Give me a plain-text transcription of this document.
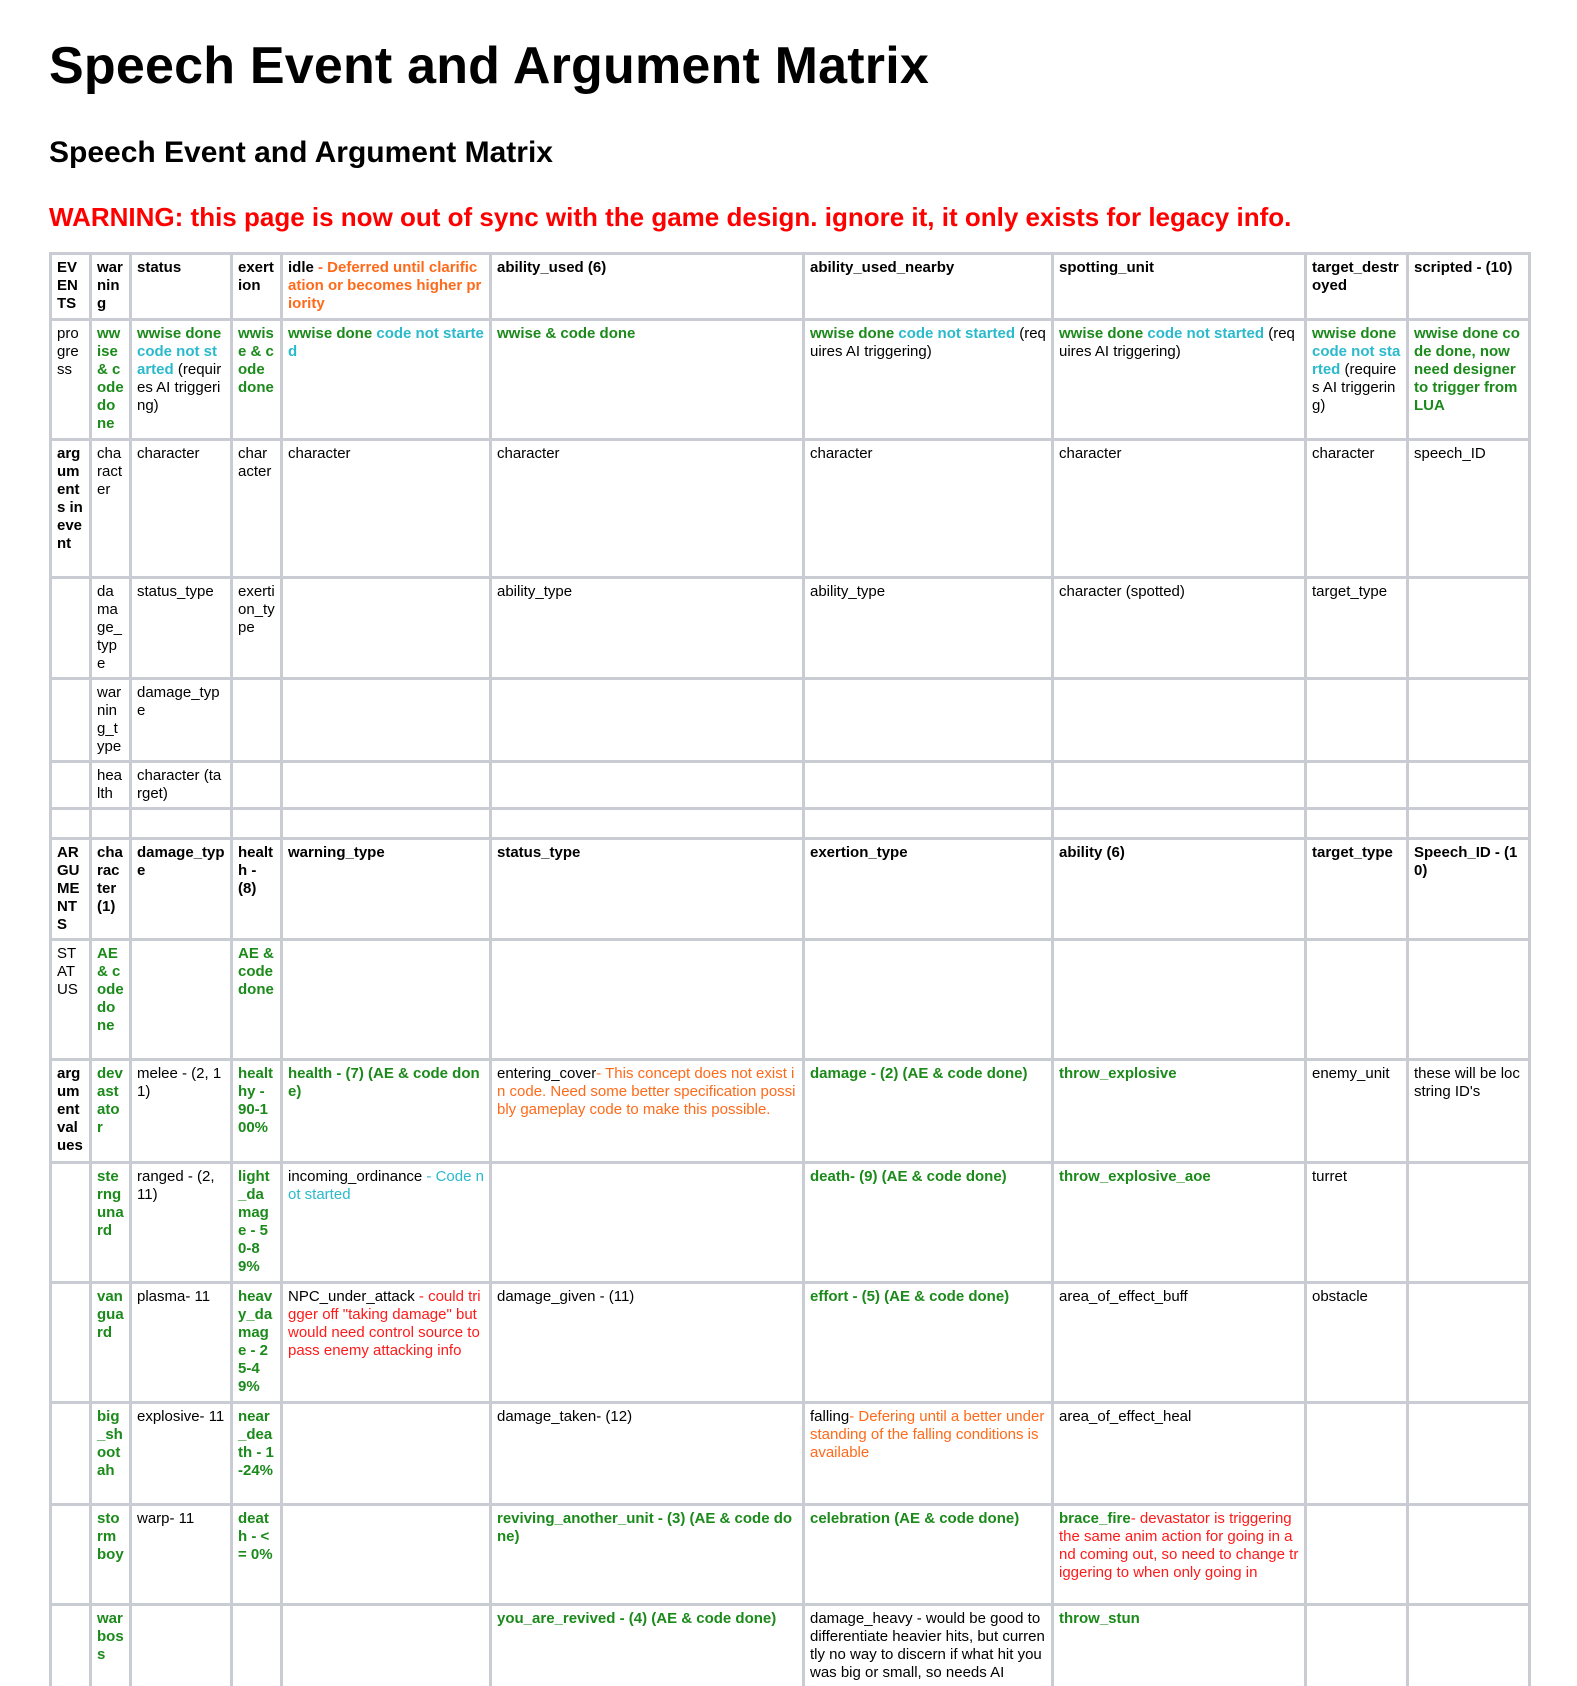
Speech Event and Argument Matrix
Speech Event and Argument Matrix

WARNING: this page is now out of sync with the game design. ignore it, it only exists for legacy info.

EVENTS	warning	status	exertion	idle - Deferred until clarification or becomes higher priority	ability_used (6)	ability_used_nearby	spotting_unit	target_destroyed	scripted - (10)
progress	wwise & code done	wwise done code not started (requires AI triggering)	wwise & code done	wwise done code not started	wwise & code done	wwise done code not started (requires AI triggering)	wwise done code not started (requires AI triggering)	wwise done code not started (requires AI triggering)	wwise done code done, now need designer to trigger from LUA
arguments in event	character	character	character	character	character	character	character	character	speech_ID
	damage_type	status_type	exertion_type		ability_type	ability_type	character (spotted)	target_type	
	warning_type	damage_type							
	health	character (target)							

ARGUMENTS	character (1)	damage_type	health - (8)	warning_type	status_type	exertion_type	ability (6)	target_type	Speech_ID - (10)
STATUS	AE & code done		AE & code done						
argument values	devastator	melee - (2, 11)	healthy - 90-100%	health - (7) (AE & code done)	entering_cover- This concept does not exist in code. Need some better specification possibly gameplay code to make this possible.	damage - (2) (AE & code done)	throw_explosive	enemy_unit	these will be loc string ID's
	sterngunard	ranged - (2, 11)	light_damage - 50-89%	incoming_ordinance - Code not started		death- (9) (AE & code done)	throw_explosive_aoe	turret	
	vanguard	plasma- 11	heavy_damage - 25-49%	NPC_under_attack - could trigger off "taking damage" but would need control source to pass enemy attacking info	damage_given - (11)	effort - (5) (AE & code done)	area_of_effect_buff	obstacle	
	big_shootah	explosive- 11	near_death - 1-24%		damage_taken- (12)	falling- Defering until a better understanding of the falling conditions is available	area_of_effect_heal		
	stormboy	warp- 11	death - <= 0%		reviving_another_unit - (3) (AE & code done)	celebration (AE & code done)	brace_fire- devastator is triggering the same anim action for going in and coming out, so need to change triggering to when only going in		
	warboss				you_are_revived - (4) (AE & code done)	damage_heavy - would be good to differentiate heavier hits, but currently no way to discern if what hit you was big or small, so needs AI	throw_stun		
